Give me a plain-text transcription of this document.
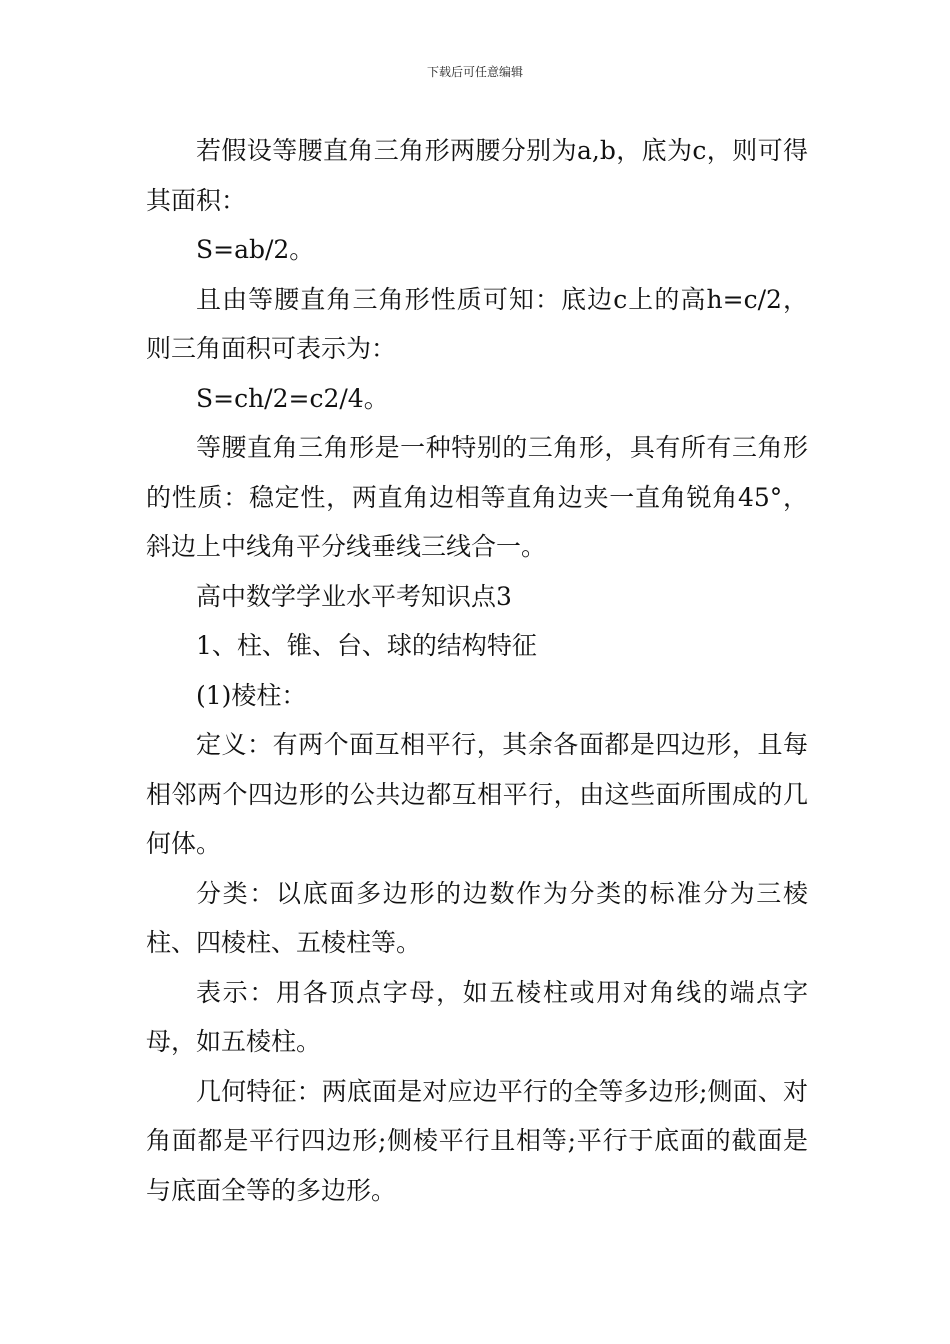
下载后可任意编辑

若假设等腰直角三角形两腰分别为a,b，底为c，则可得其面积：

S=ab/2。

且由等腰直角三角形性质可知：底边c上的高h=c/2，则三角面积可表示为：

S=ch/2=c2/4。

等腰直角三角形是一种特别的三角形，具有所有三角形的性质：稳定性，两直角边相等直角边夹一直角锐角45°，斜边上中线角平分线垂线三线合一。

高中数学学业水平考知识点3

1、柱、锥、台、球的结构特征

(1)棱柱：

定义：有两个面互相平行，其余各面都是四边形，且每相邻两个四边形的公共边都互相平行，由这些面所围成的几何体。

分类：以底面多边形的边数作为分类的标准分为三棱柱、四棱柱、五棱柱等。

表示：用各顶点字母，如五棱柱或用对角线的端点字母，如五棱柱。

几何特征：两底面是对应边平行的全等多边形;侧面、对角面都是平行四边形;侧棱平行且相等;平行于底面的截面是与底面全等的多边形。
